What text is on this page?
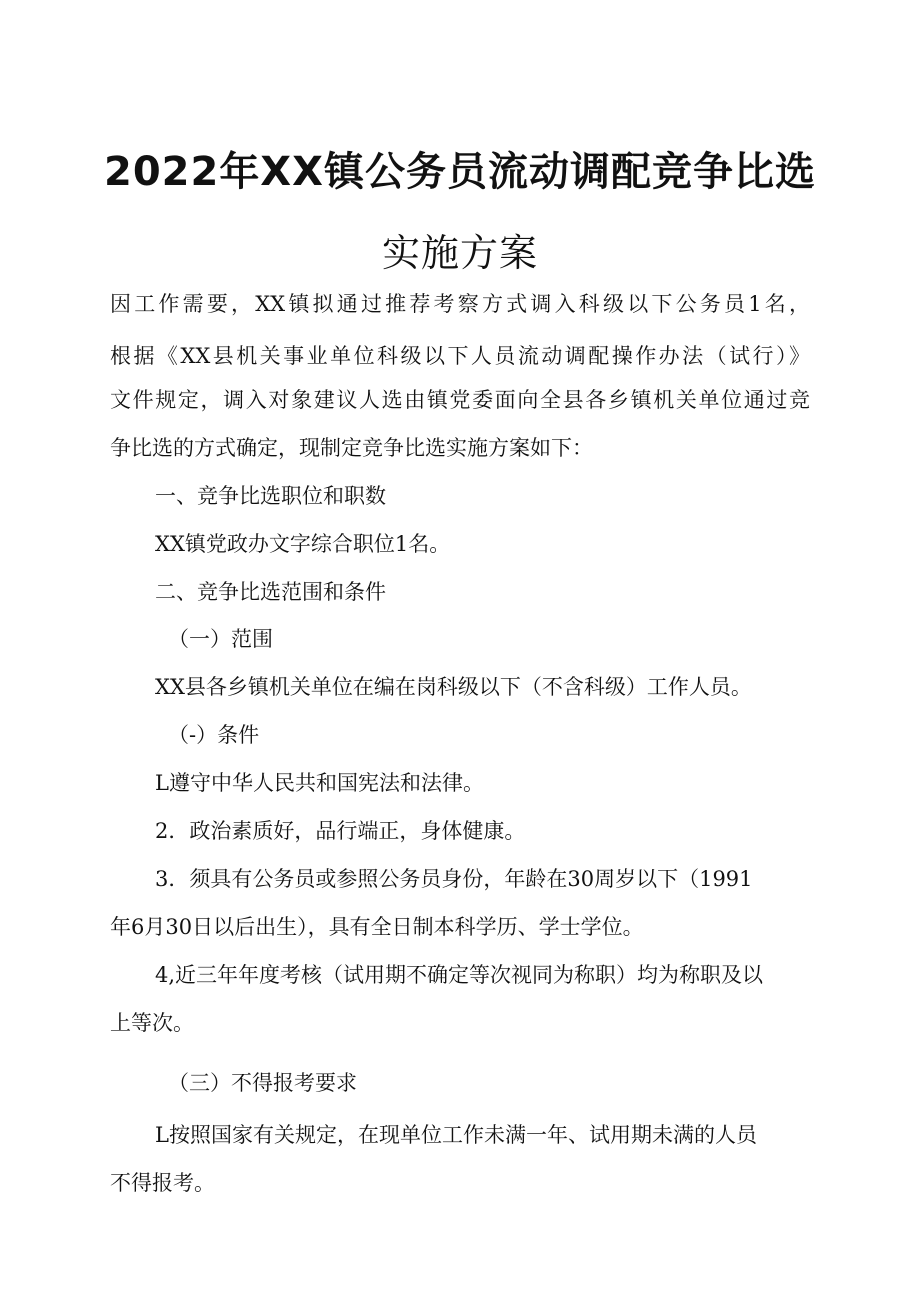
2022年XX镇公务员流动调配竞争比选
实施方案
因工作需要，XX镇拟通过推荐考察方式调入科级以下公务员1名，
根据《XX县机关事业单位科级以下人员流动调配操作办法（试行）》
文件规定，调入对象建议人选由镇党委面向全县各乡镇机关单位通过竞
争比选的方式确定，现制定竞争比选实施方案如下：
一、竞争比选职位和职数
XX镇党政办文字综合职位1名。
二、竞争比选范围和条件
（一）范围
XX县各乡镇机关单位在编在岗科级以下（不含科级）工作人员。
（-）条件
L遵守中华人民共和国宪法和法律。
2．政治素质好，品行端正，身体健康。
3．须具有公务员或参照公务员身份，年龄在30周岁以下（1991
年6月30日以后出生），具有全日制本科学历、学士学位。
4,近三年年度考核（试用期不确定等次视同为称职）均为称职及以
上等次。
（三）不得报考要求
L按照国家有关规定，在现单位工作未满一年、试用期未满的人员
不得报考。
